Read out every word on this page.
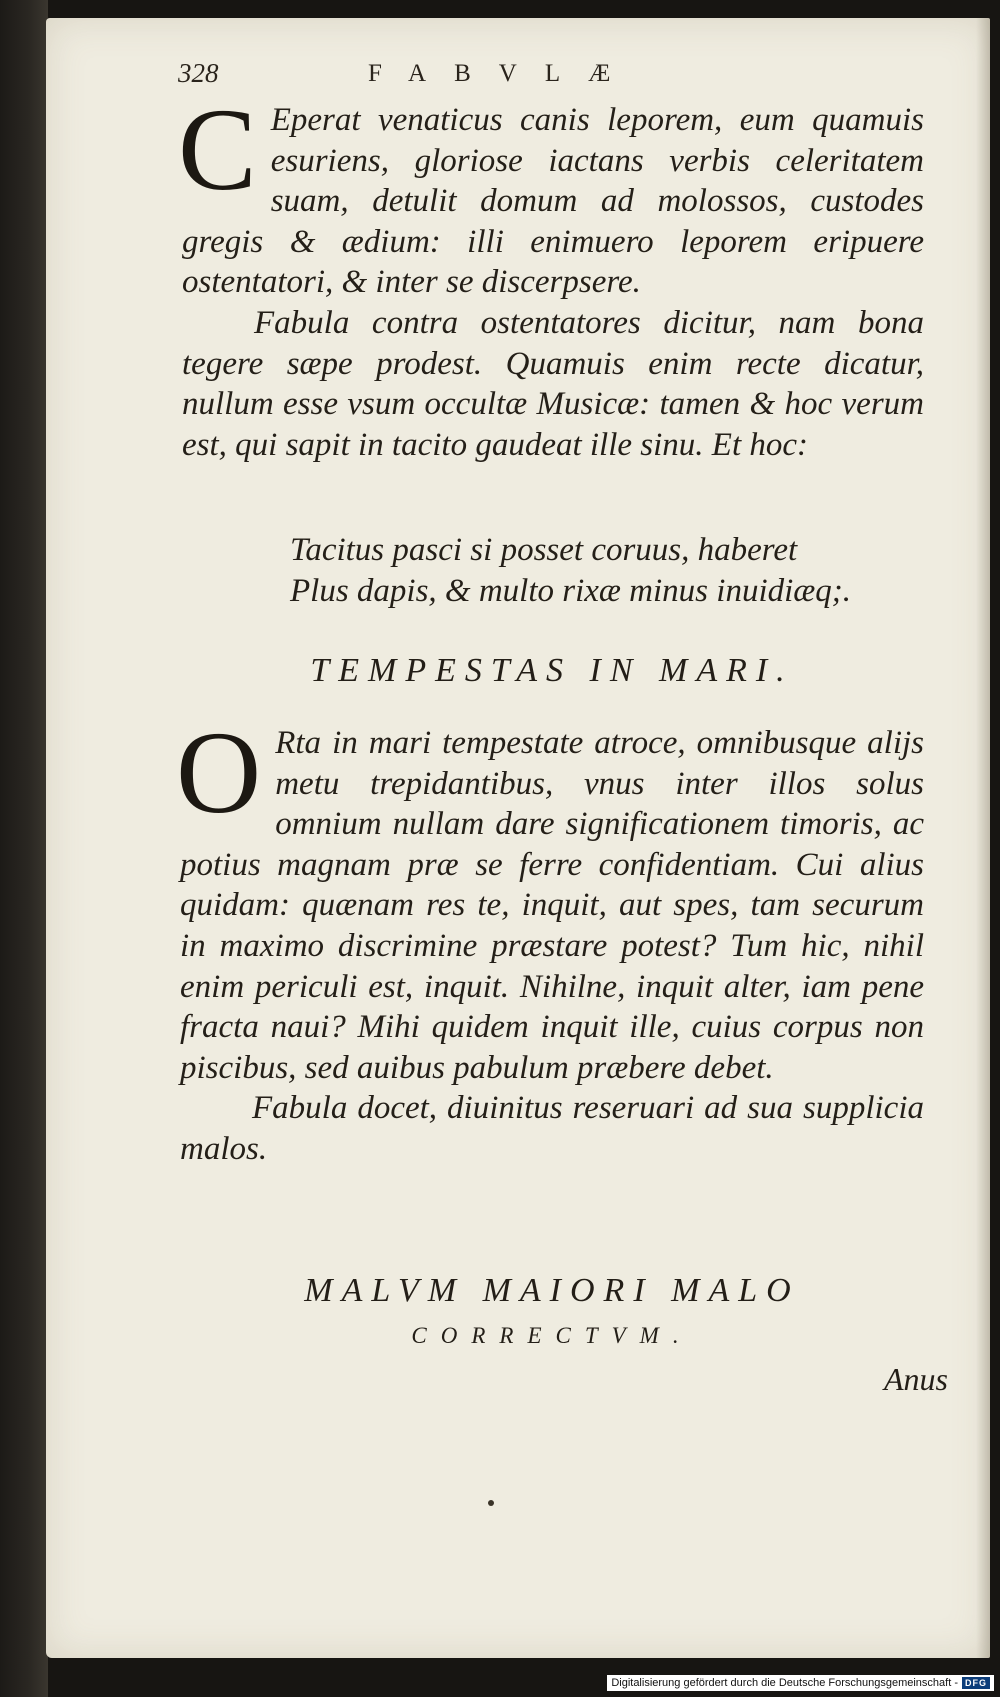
328	FABVLÆ
C Eperat venaticus canis leporem, eum quamuis esuriens, gloriose iactans verbis celeritatem suam, detulit domum ad molossos, custodes gregis & ædium: illi enimuero leporem eripuere ostentatori, & inter se discerpsere.

Fabula contra ostentatores dicitur, nam bona tegere sæpe prodest. Quamuis enim recte dicatur, nullum esse vsum occultæ Musicæ: tamen & hoc verum est, qui sapit in tacito gaudeat ille sinu. Et hoc:

Tacitus pasci si posset coruus, haberet
Plus dapis, & multo rixæ minus inuidiæq;.
TEMPESTAS IN MARI.
O Rta in mari tempestate atroce, omnibusque alijs metu trepidantibus, vnus inter illos solus omnium nullam dare significationem timoris, ac potius magnam præ se ferre confidentiam. Cui alius quidam: quænam res te, inquit, aut spes, tam securum in maximo discrimine præstare potest? Tum hic, nihil enim periculi est, inquit. Nihilne, inquit alter, iam pene fracta naui? Mihi quidem inquit ille, cuius corpus non piscibus, sed auibus pabulum præbere debet.

Fabula docet, diuinitus reseruari ad sua supplicia malos.

MALVM MAIORI MALO
CORRECTVM.
Anus
Digitalisierung gefördert durch die Deutsche Forschungsgemeinschaft - DFG
